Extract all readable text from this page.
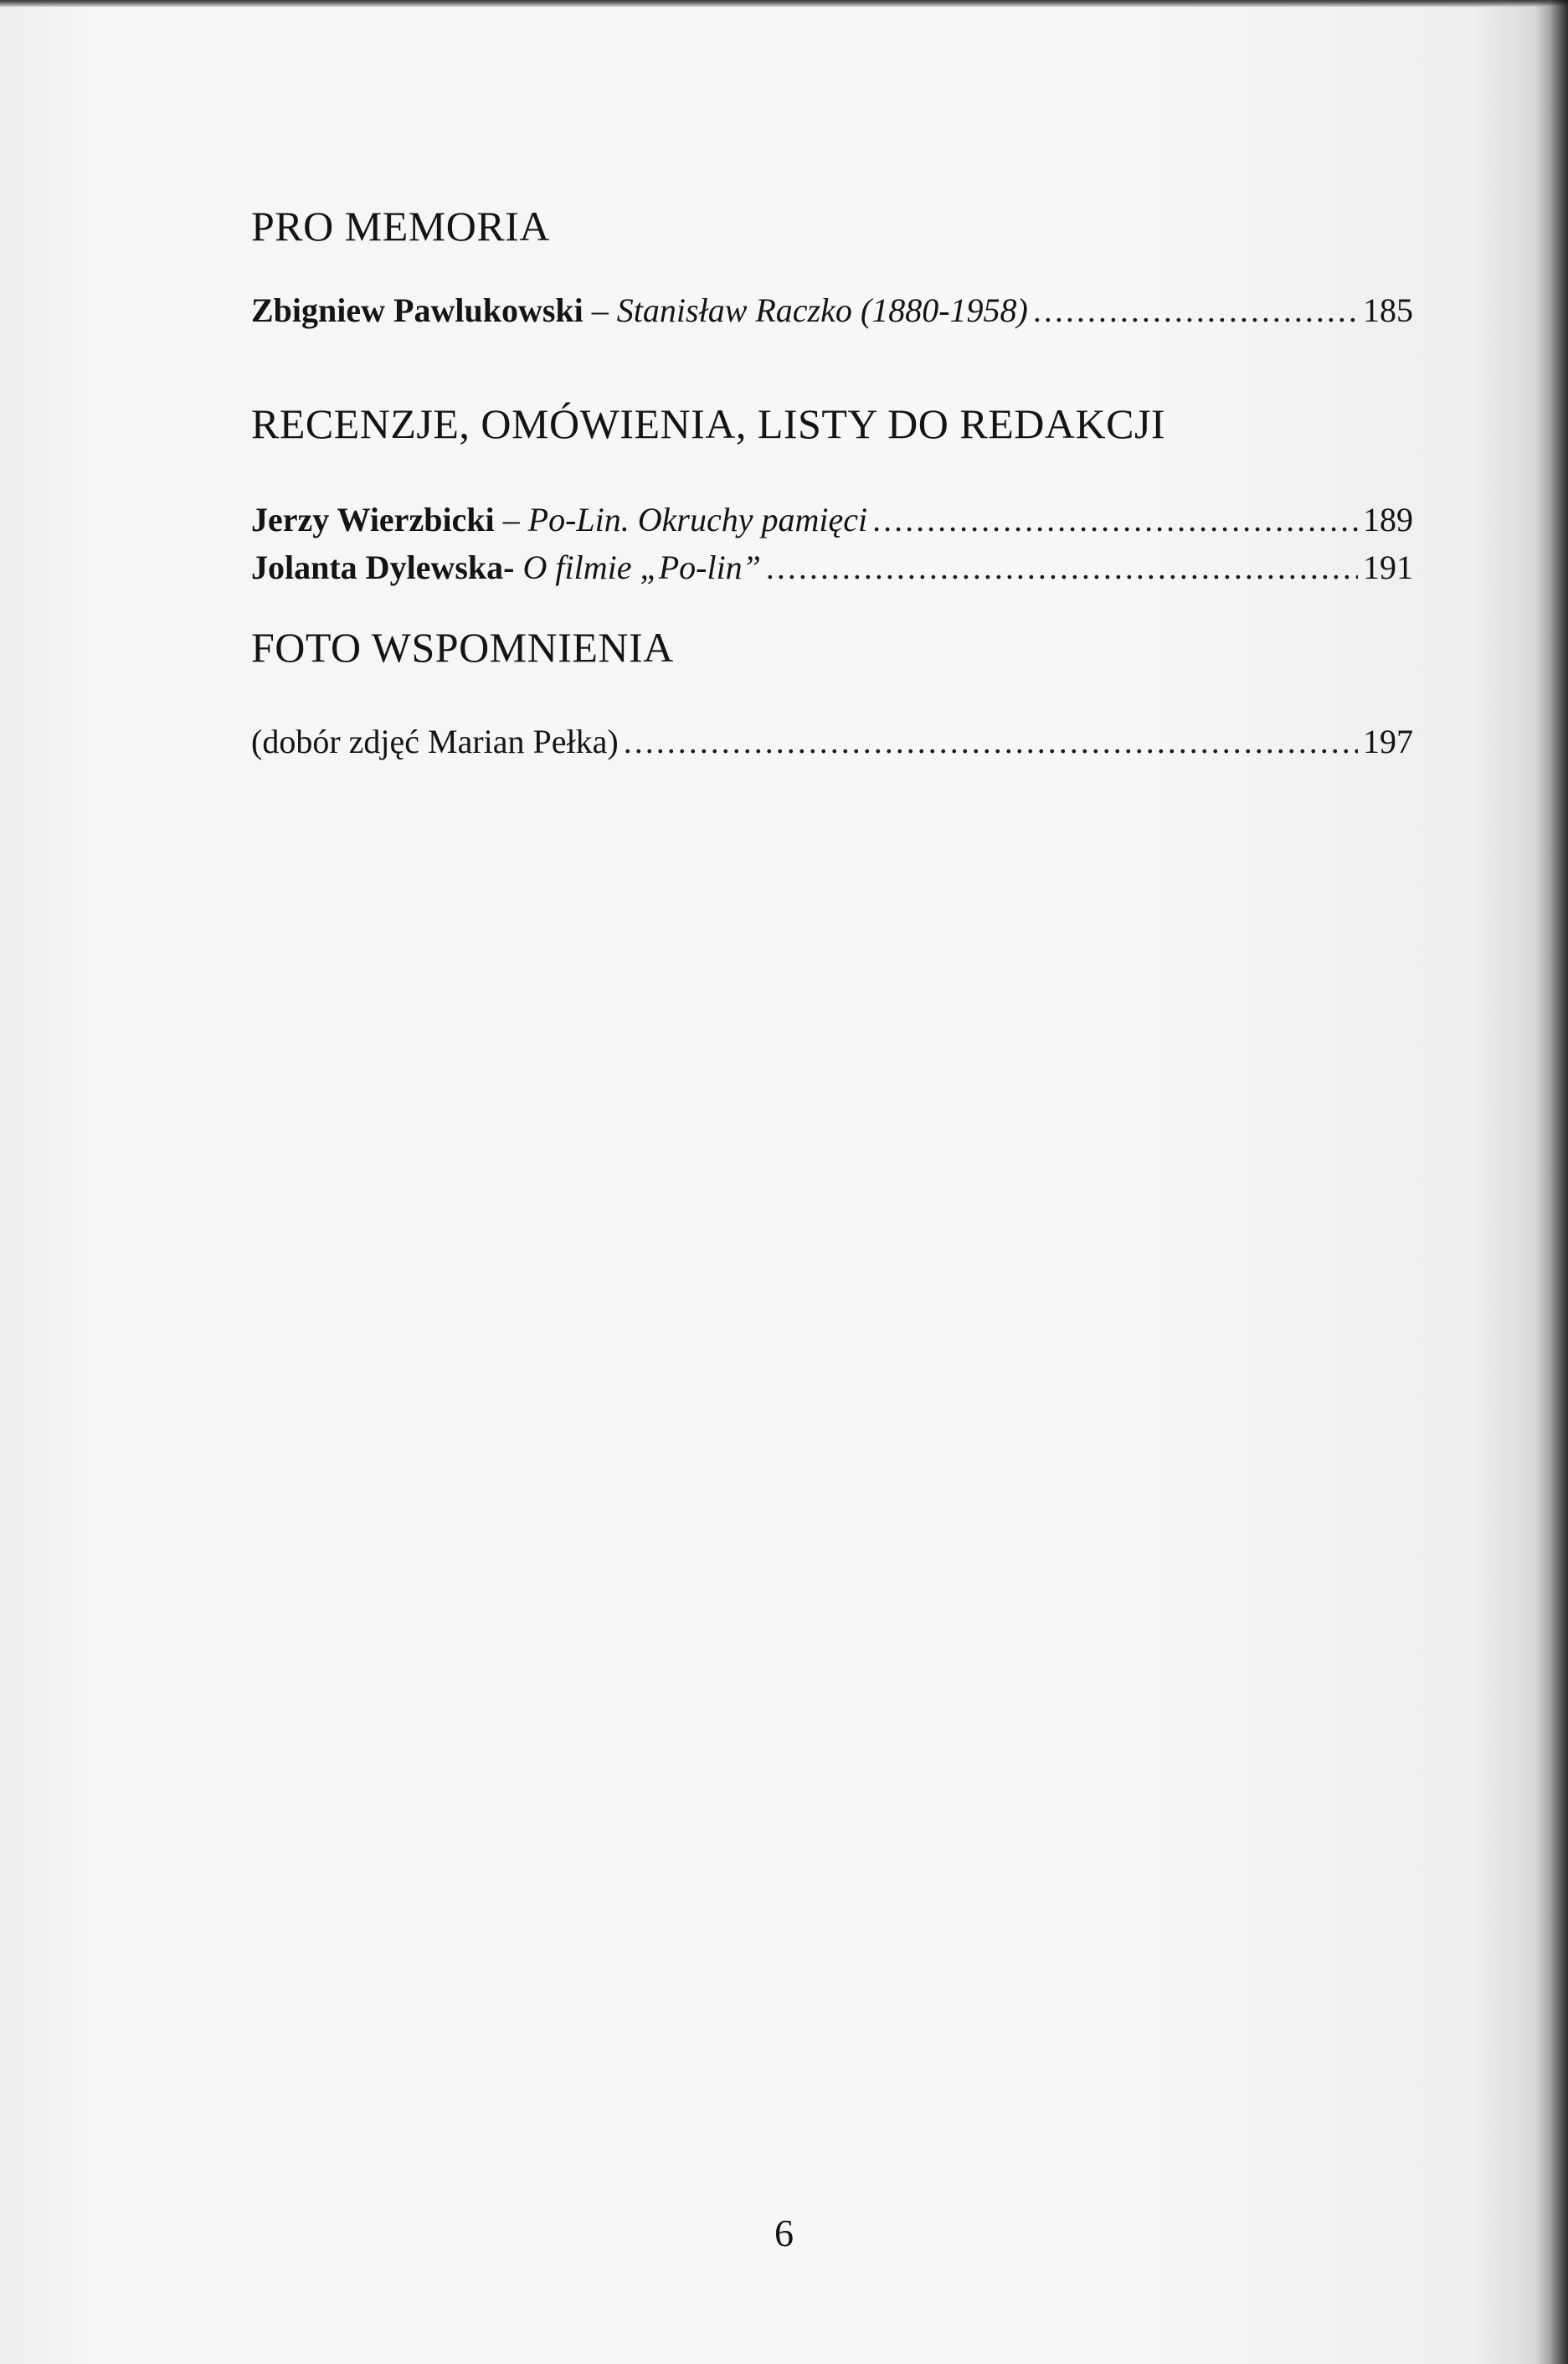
PRO MEMORIA
Zbigniew Pawlukowski – Stanisław Raczko (1880-1958) .....	185
RECENZJE, OMÓWIENIA, LISTY DO REDAKCJI
Jerzy Wierzbicki – Po-Lin. Okruchy pamięci .....	189
Jolanta Dylewska - O filmie „Po-lin” .....	191
FOTO WSPOMNIENIA
(dobór zdjęć Marian Pełka) .....	197
6
